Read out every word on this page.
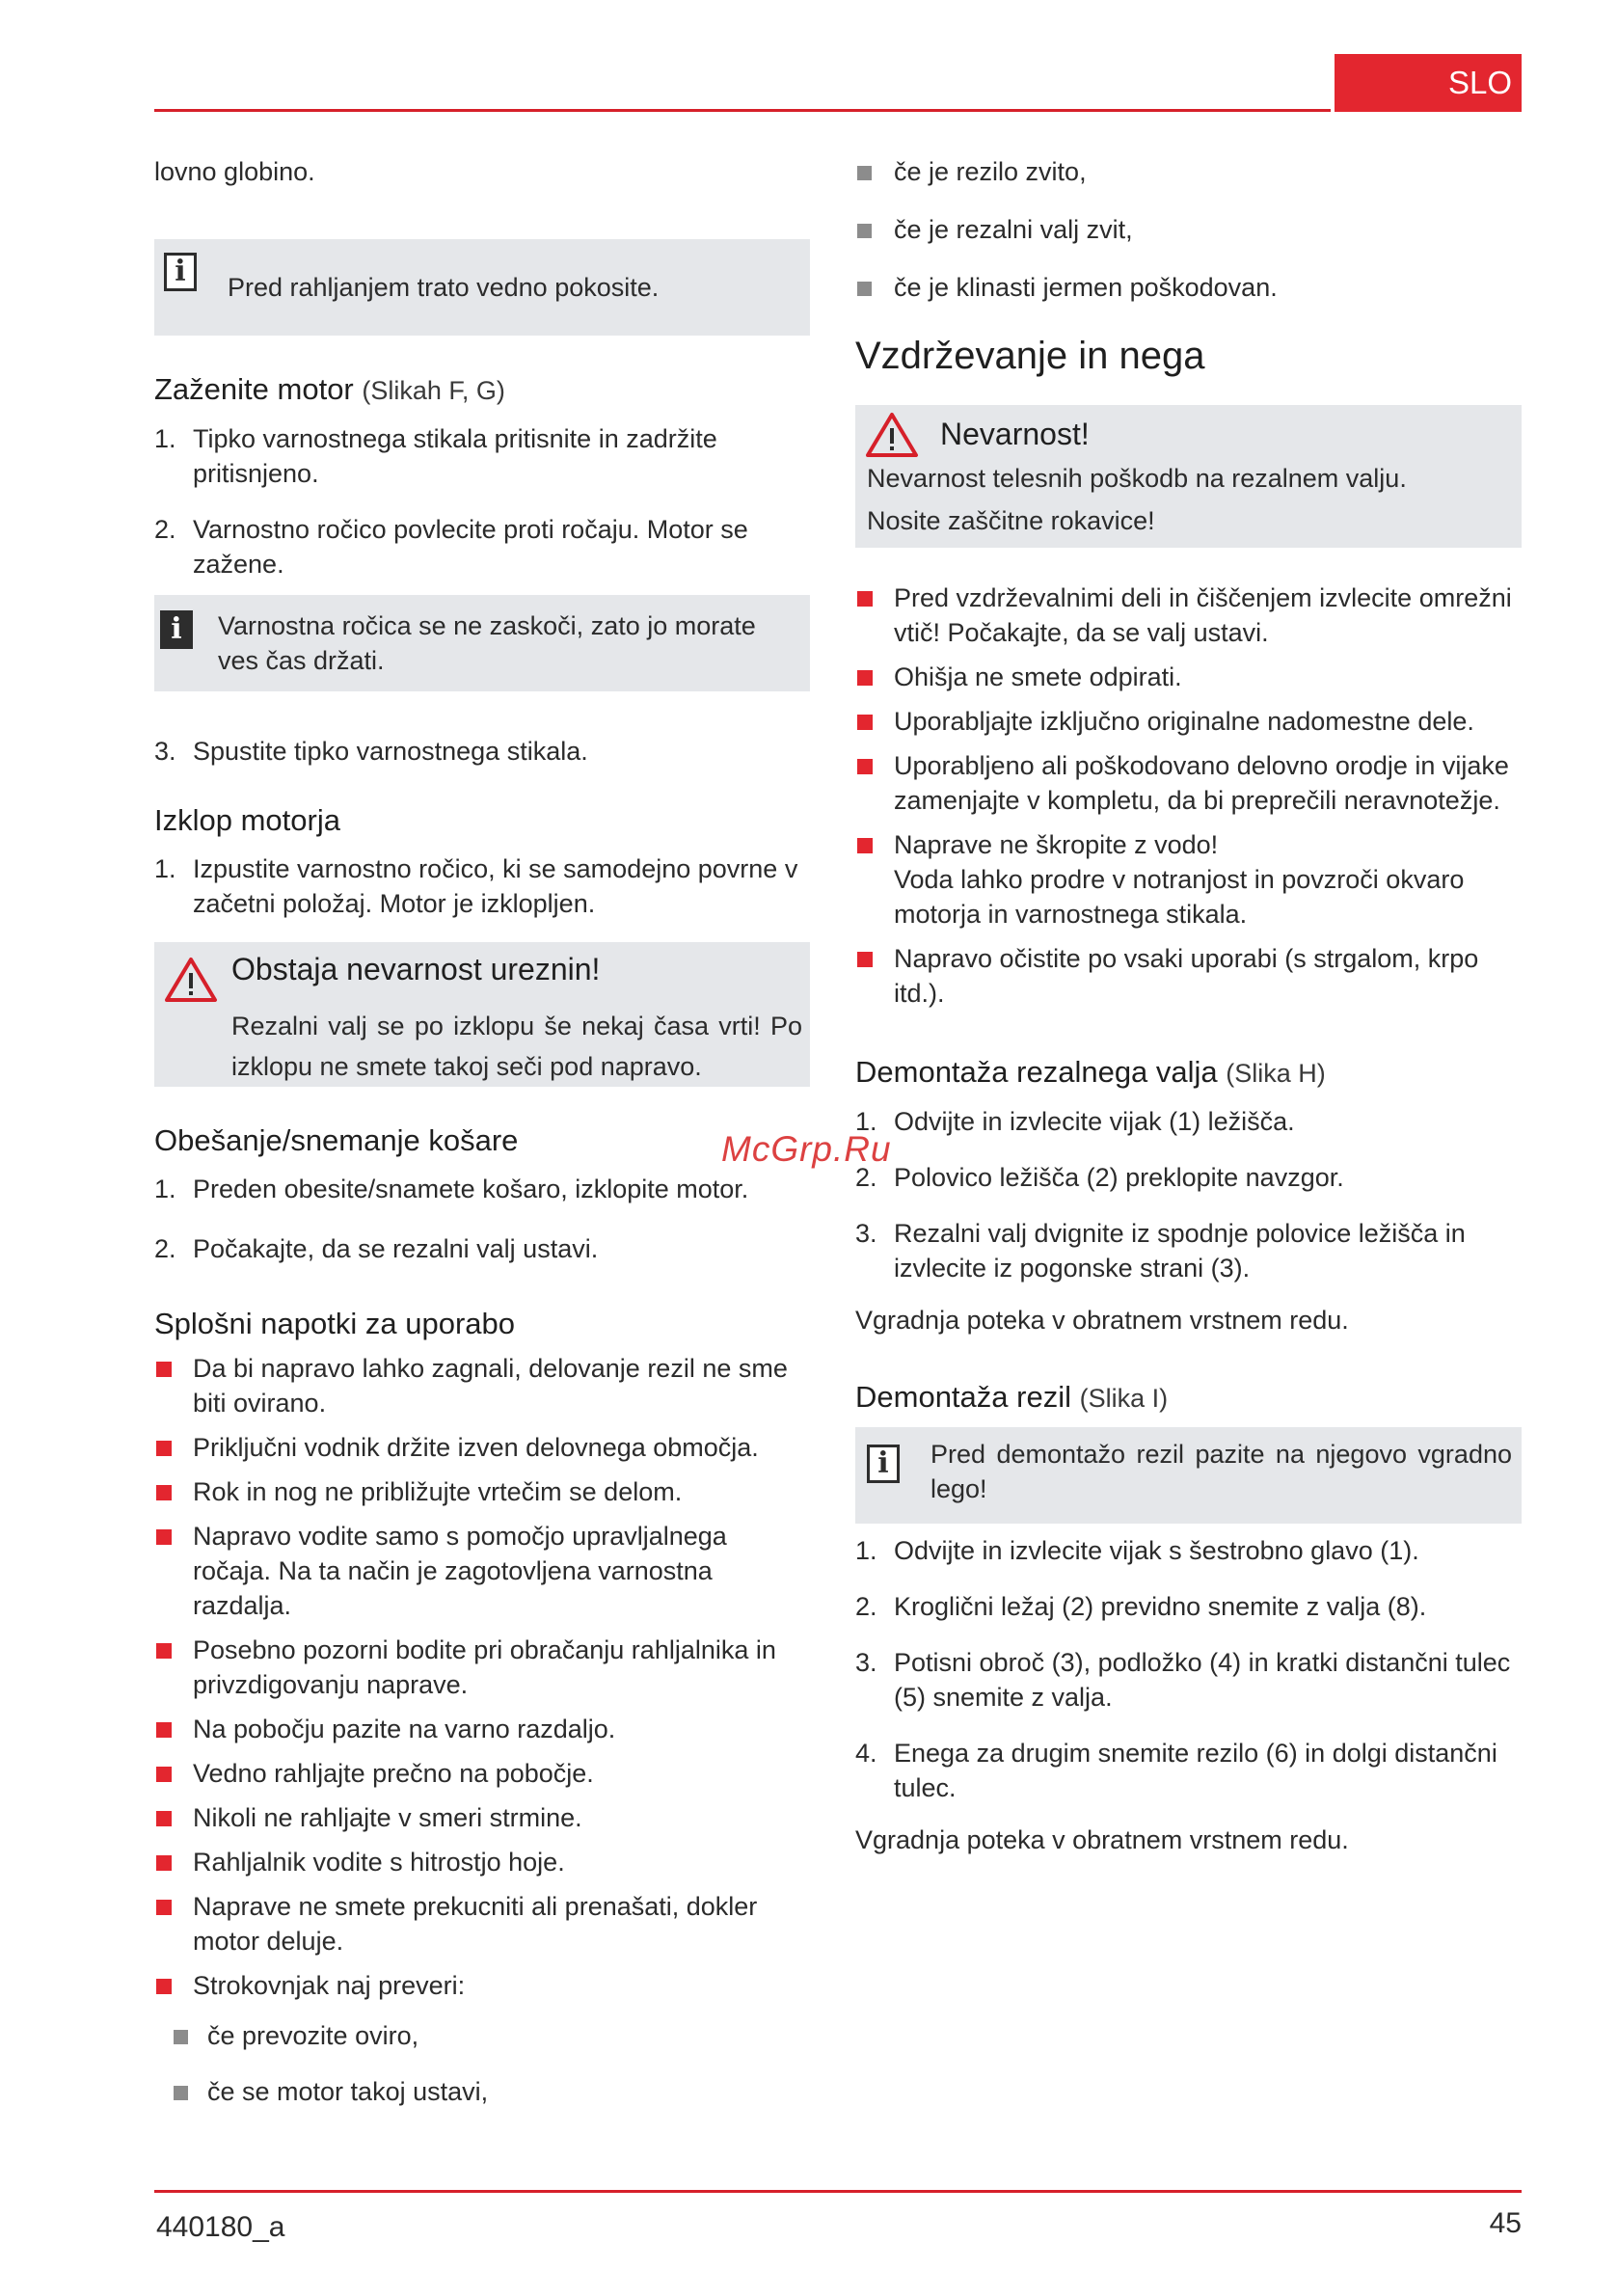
SLO

lovno globino.

i	Pred rahljanjem trato vedno pokosite.

Zaženite motor (Slikah F, G)
1. Tipko varnostnega stikala pritisnite in zadržite pritisnjeno.
2. Varnostno ročico povlecite proti ročaju. Motor se zažene.
i	Varnostna ročica se ne zaskoči, zato jo morate ves čas držati.

3. Spustite tipko varnostnega stikala.
Izklop motorja
1. Izpustite varnostno ročico, ki se samodejno povrne v začetni položaj. Motor je izklopljen.

Obstaja nevarnost ureznin!

Rezalni valj se po izklopu še nekaj časa vrti! Po izklopu ne smete takoj seči pod napravo.

Obešanje/snemanje košare
1. Preden obesite/snamete košaro, izklopite motor.
2. Počakajte, da se rezalni valj ustavi.
Splošni napotki za uporabo
Da bi napravo lahko zagnali, delovanje rezil ne sme biti ovirano.
Priključni vodnik držite izven delovnega območja.
Rok in nog ne približujte vrtečim se delom.
Napravo vodite samo s pomočjo upravljalnega ročaja. Na ta način je zagotovljena varnostna razdalja.
Posebno pozorni bodite pri obračanju rahljalnika in privzdigovanju naprave.
Na pobočju pazite na varno razdaljo.
Vedno rahljajte prečno na pobočje.
Nikoli ne rahljajte v smeri strmine.
Rahljalnik vodite s hitrostjo hoje.
Naprave ne smete prekucniti ali prenašati, dokler motor deluje.
Strokovnjak naj preveri:
če prevozite oviro,
če se motor takoj ustavi,
če je rezilo zvito,
če je rezalni valj zvit,
če je klinasti jermen poškodovan.
Vzdrževanje in nega

Nevarnost!

Nevarnost telesnih poškodb na rezalnem valju.

Nosite zaščitne rokavice!

Pred vzdrževalnimi deli in čiščenjem izvlecite omrežni vtič! Počakajte, da se valj ustavi.
Ohišja ne smete odpirati.
Uporabljajte izključno originalne nadomestne dele.
Uporabljeno ali poškodovano delovno orodje in vijake zamenjajte v kompletu, da bi preprečili neravnotežje.
Naprave ne škropite z vodo!
Voda lahko prodre v notranjost in povzroči okvaro motorja in varnostnega stikala.
Napravo očistite po vsaki uporabi (s strgalom, krpo itd.).
Demontaža rezalnega valja (Slika H)
1. Odvijte in izvlecite vijak (1) ležišča.
2. Polovico ležišča (2) preklopite navzgor.
3. Rezalni valj dvignite iz spodnje polovice ležišča in izvlecite iz pogonske strani (3).

Vgradnja poteka v obratnem vrstnem redu.

Demontaža rezil (Slika I)
i	Pred demontažo rezil pazite na njegovo vgradno lego!

1. Odvijte in izvlecite vijak s šestrobno glavo (1).
2. Kroglični ležaj (2) previdno snemite z valja (8).
3. Potisni obroč (3), podložko (4) in kratki distančni tulec (5) snemite z valja.
4. Enega za drugim snemite rezilo (6) in dolgi distančni tulec.

Vgradnja poteka v obratnem vrstnem redu.

McGrp.Ru
440180_a	45
